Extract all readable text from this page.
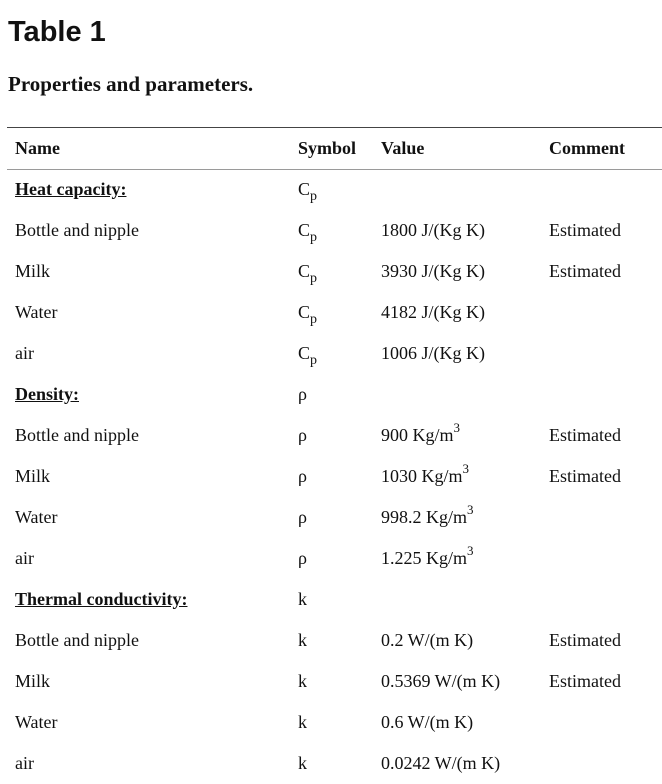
Table 1
Properties and parameters.
Name	Symbol	Value	Comment
Heat capacity:	$C_p$		
Bottle and nipple	$C_p$	1800 J/(Kg K)	Estimated
Milk	$C_p$	3930 J/(Kg K)	Estimated
Water	$C_p$	4182 J/(Kg K)	
air	$C_p$	1006 J/(Kg K)	
Density:	ρ		
Bottle and nipple	ρ	900 $Kg/m^3$	Estimated
Milk	ρ	1030 $Kg/m^3$	Estimated
Water	ρ	998.2 $Kg/m^3$	
air	ρ	1.225 $Kg/m^3$	
Thermal conductivity:	k		
Bottle and nipple	k	0.2 W/(m K)	Estimated
Milk	k	0.5369 W/(m K)	Estimated
Water	k	0.6 W/(m K)	
air	k	0.0242 W/(m K)	
